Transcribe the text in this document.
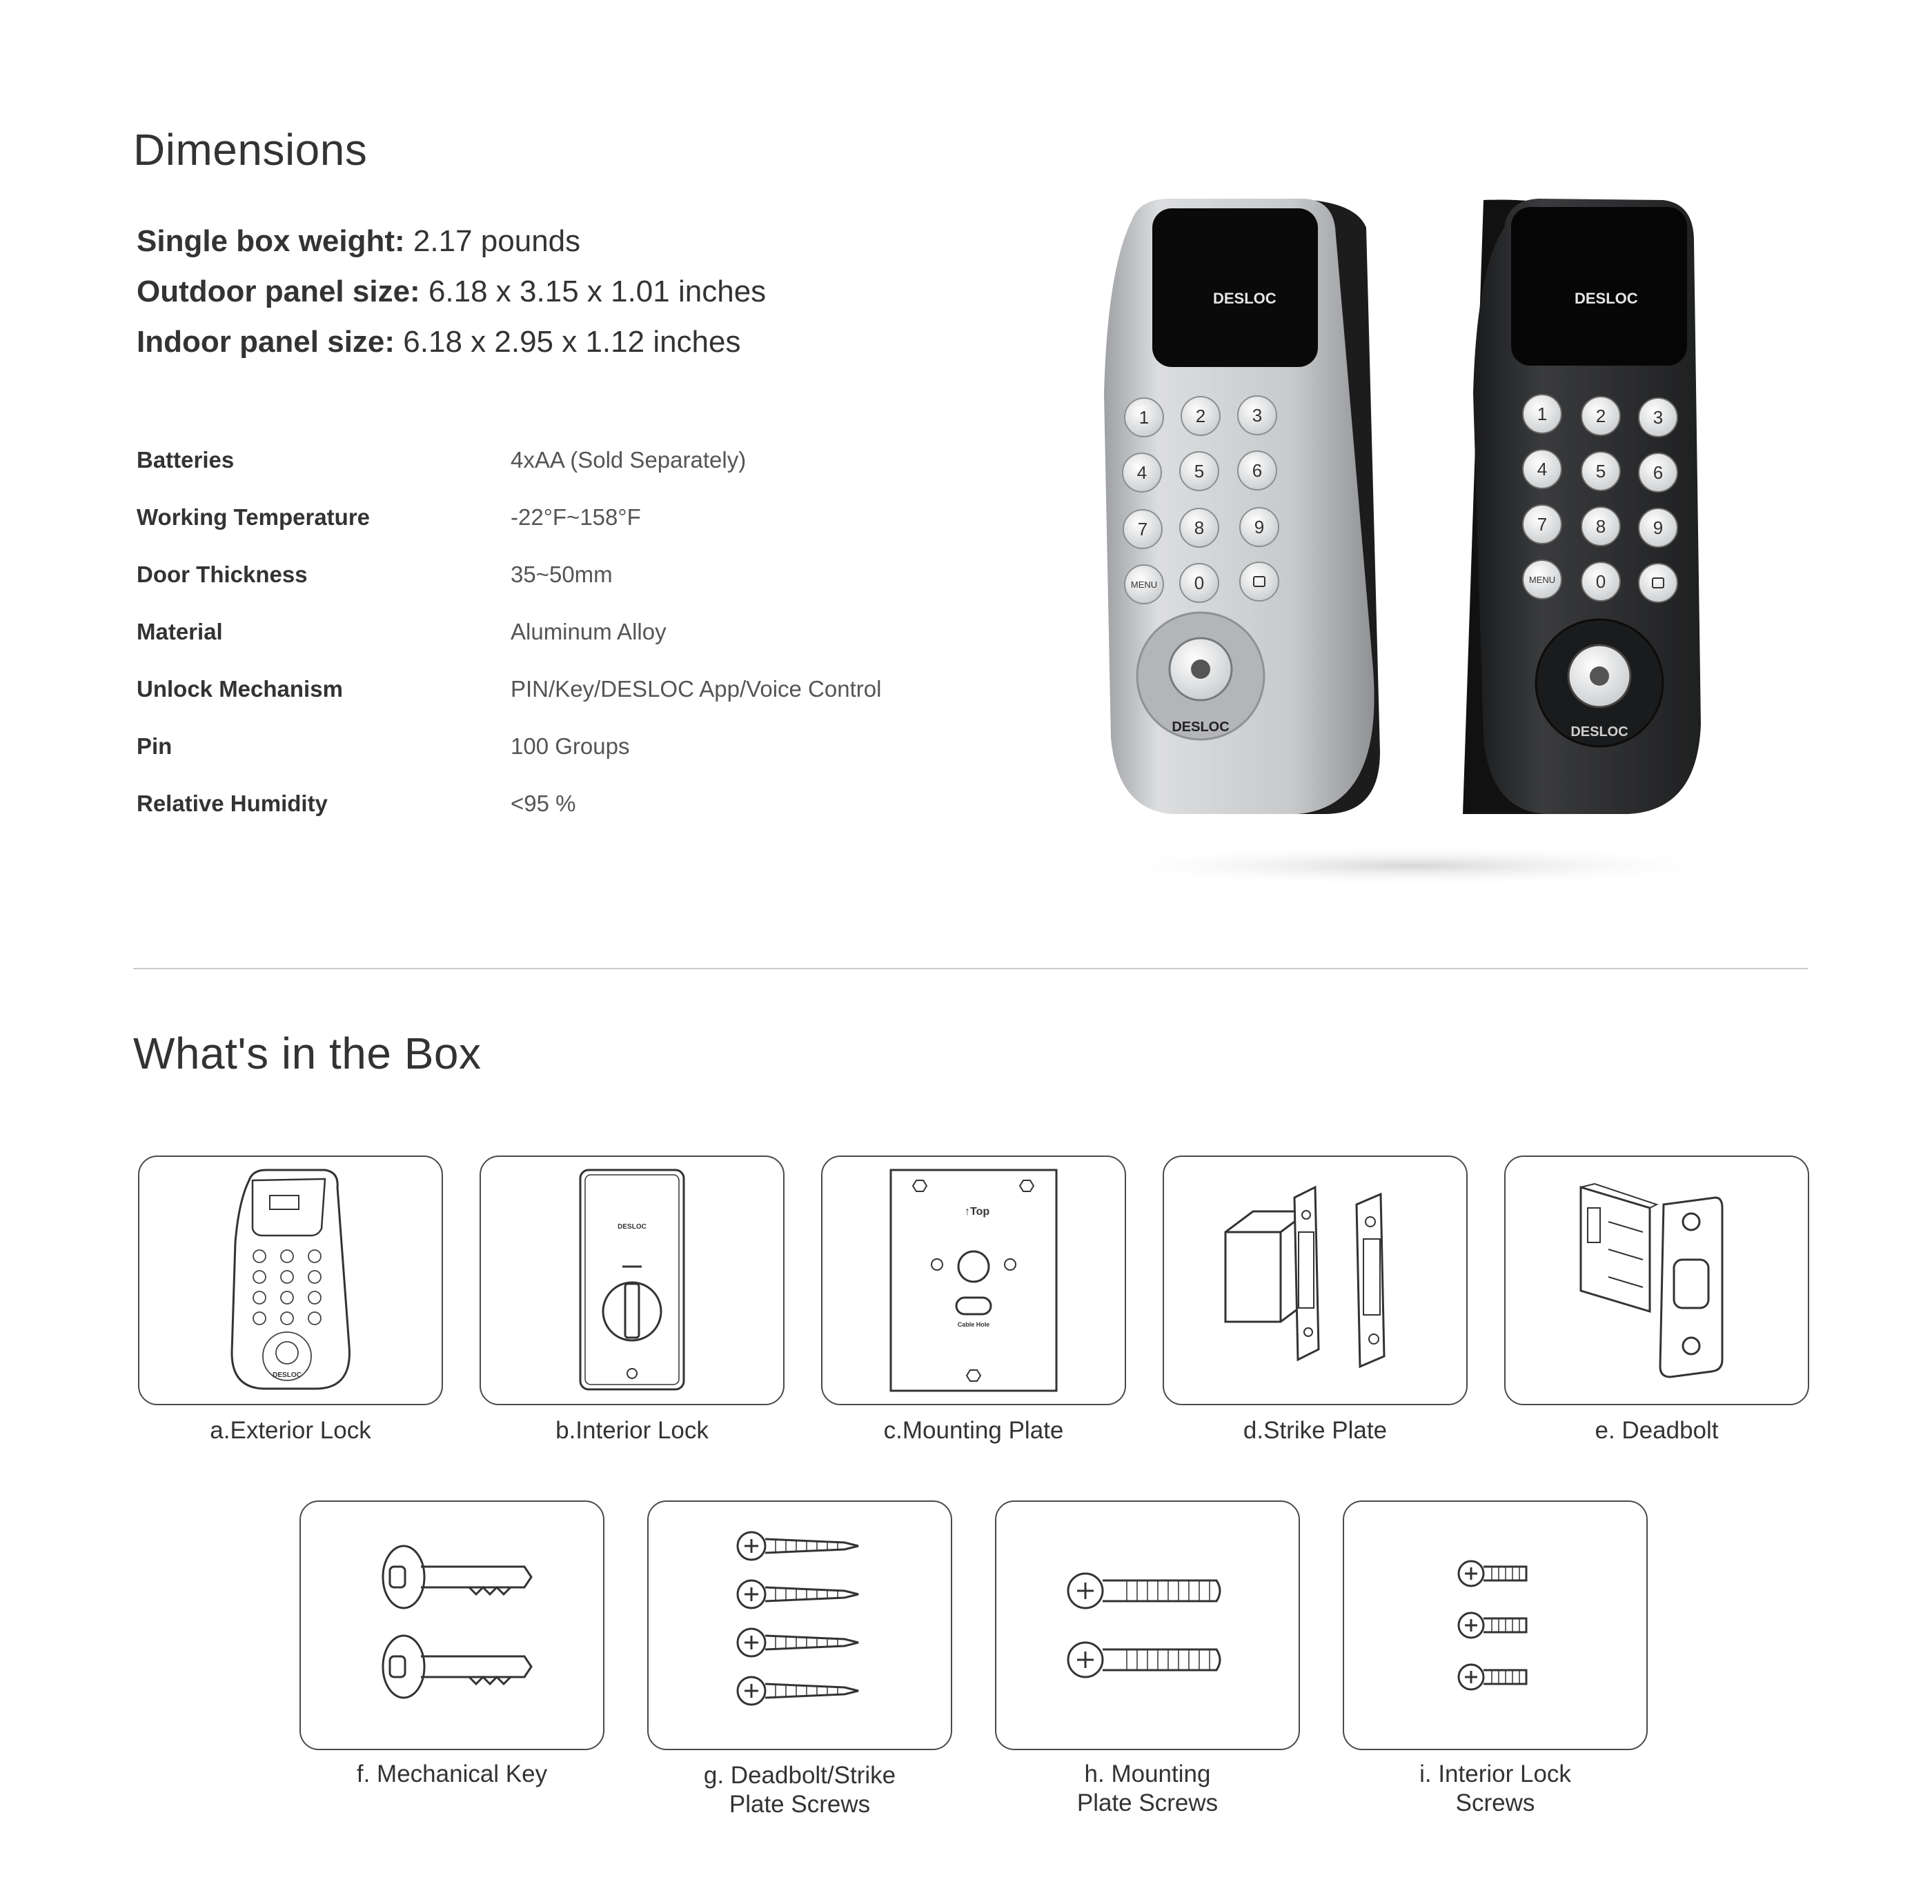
Dimensions
Single box weight: 2.17 pounds
Outdoor panel size: 6.18 x 3.15 x 1.01 inches
Indoor panel size: 6.18 x 2.95 x 1.12 inches
Batteries	4xAA (Sold Separately)
Working Temperature	-22°F~158°F
Door Thickness	35~50mm
Material	Aluminum Alloy
Unlock Mechanism	PIN/Key/DESLOC App/Voice Control
Pin	100 Groups
Relative Humidity	<95 %
DESLOC
1	2	3
4	5	6
7	8	9
MENU 0
DESLOC
DESLOC
1	2	3
4	5	6
7	8	9
MENU 0
DESLOC
What's in the Box
DESLOC
DESLOC
↑Top
Cable Hole
a.Exterior Lock	b.Interior Lock	c.Mounting Plate	d.Strike Plate	e. Deadbolt
f. Mechanical Key	g. Deadbolt/Strike
Plate Screws
h. Mounting
Plate Screws
i. Interior Lock
Screws
